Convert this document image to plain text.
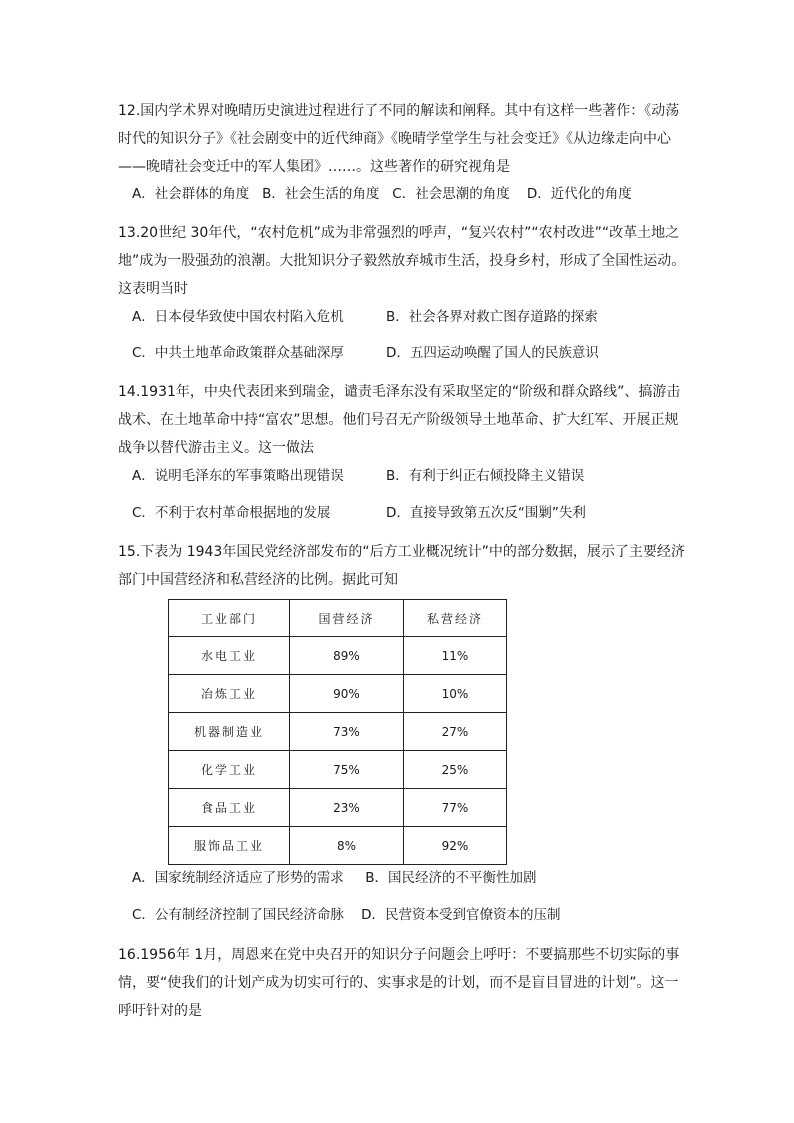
12.国内学术界对晚晴历史演进过程进行了不同的解读和阐释。其中有这样一些著作：《动荡时代的知识分子》《社会剧变中的近代绅商》《晚晴学堂学生与社会变迁》《从边缘走向中心——晚晴社会变迁中的军人集团》……。这些著作的研究视角是
A．社会群体的角度 B．社会生活的角度 C．社会思潮的角度 D．近代化的角度
13.20世纪 30年代，“农村危机”成为非常强烈的呼声，“复兴农村”“农村改进”“改革土地之地”成为一股强劲的浪潮。大批知识分子毅然放弃城市生活，投身乡村，形成了全国性运动。这表明当时
A．日本侵华致使中国农村陷入危机	B．社会各界对救亡图存道路的探索
C．中共土地革命政策群众基础深厚	D．五四运动唤醒了国人的民族意识
14.1931年，中央代表团来到瑞金，谴责毛泽东没有采取坚定的“阶级和群众路线”、搞游击战术、在土地革命中持“富农”思想。他们号召无产阶级领导土地革命、扩大红军、开展正规战争以替代游击主义。这一做法
A．说明毛泽东的军事策略出现错误	B．有利于纠正右倾投降主义错误
C．不利于农村革命根据地的发展	D．直接导致第五次反“围剿”失利
15.下表为 1943年国民党经济部发布的“后方工业概况统计”中的部分数据，展示了主要经济部门中国营经济和私营经济的比例。据此可知
工业部门	国营经济	私营经济
水电工业	89%	11%
冶炼工业	90%	10%
机器制造业	73%	27%
化学工业	75%	25%
食品工业	23%	77%
服饰品工业	8%	92%
A．国家统制经济适应了形势的需求 B．国民经济的不平衡性加剧
C．公有制经济控制了国民经济命脉 D．民营资本受到官僚资本的压制
16.1956年 1月，周恩来在党中央召开的知识分子问题会上呼吁：不要搞那些不切实际的事情，要“使我们的计划产成为切实可行的、实事求是的计划，而不是盲目冒进的计划”。这一呼吁针对的是
